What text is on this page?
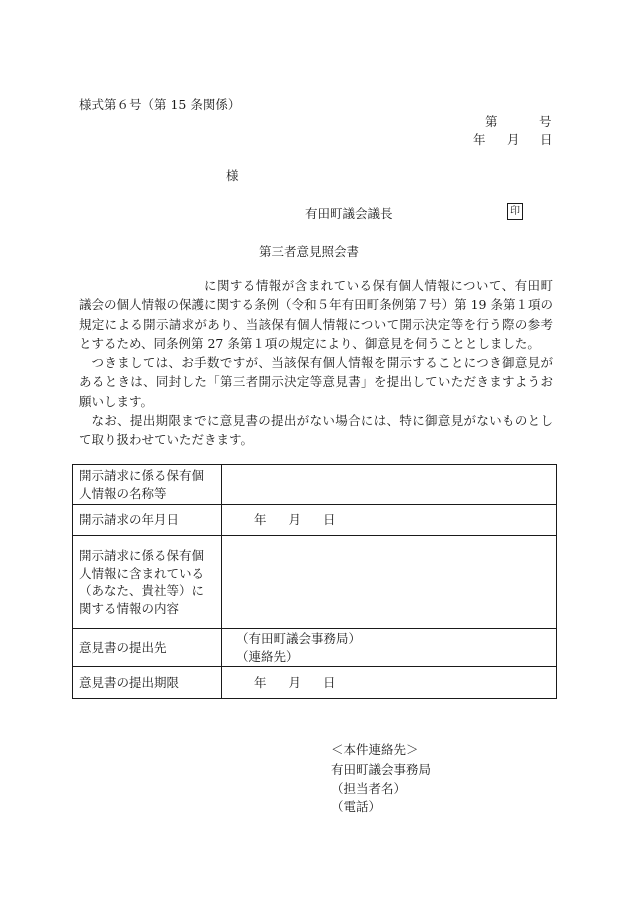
様式第６号（第 15 条関係）
第	号
年 月 日
様
有田町議会議長	印
第三者意見照会書

に関する情報が含まれている保有個人情報について、有田町議会の個人情報の保護に関する条例（令和５年有田町条例第７号）第 19 条第１項の規定による開示請求があり、当該保有個人情報について開示決定等を行う際の参考とするため、同条例第 27 条第１項の規定により、御意見を伺うこととしました。

つきましては、お手数ですが、当該保有個人情報を開示することにつき御意見があるときは、同封した「第三者開示決定等意見書」を提出していただきますようお願いします。

なお、提出期限までに意見書の提出がない場合には、特に御意見がないものとして取り扱わせていただきます。

開示請求に係る保有個人情報の名称等	
開示請求の年月日	年 月 日
開示請求に係る保有個人情報に含まれている（あなた、貴社等）に関する情報の内容	
意見書の提出先	（有田町議会事務局）
（連絡先）

意見書の提出期限	年 月 日
＜本件連絡先＞
有田町議会事務局
（担当者名）
（電話）
